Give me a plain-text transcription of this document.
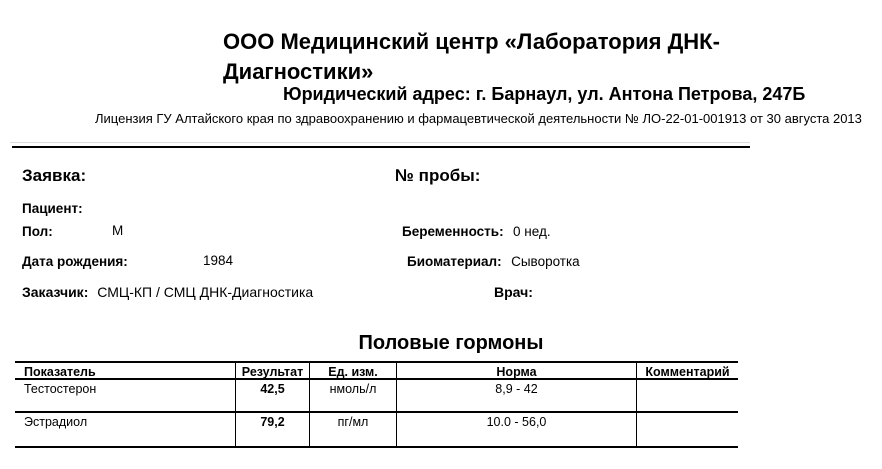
ООО Медицинский центр «Лаборатория ДНК-Диагностики»
Юридический адрес: г. Барнаул, ул. Антона Петрова, 247Б
Лицензия ГУ Алтайского края по здравоохранению и фармацевтической деятельности № ЛО-22-01-001913 от 30 августа 2013
Заявка:	№ пробы:
Пациент:
Пол:	М	Беременность: 0 нед.
Дата рождения:	1984	Биоматериал: Сыворотка
Заказчик: СМЦ-КП / СМЦ ДНК-Диагностика	Врач:
Половые гормоны
Показатель	Результат	Ед. изм.	Норма	Комментарий
Тестостерон	42,5	нмоль/л	8,9 - 42
Эстрадиол	79,2	пг/мл	10.0 - 56,0
